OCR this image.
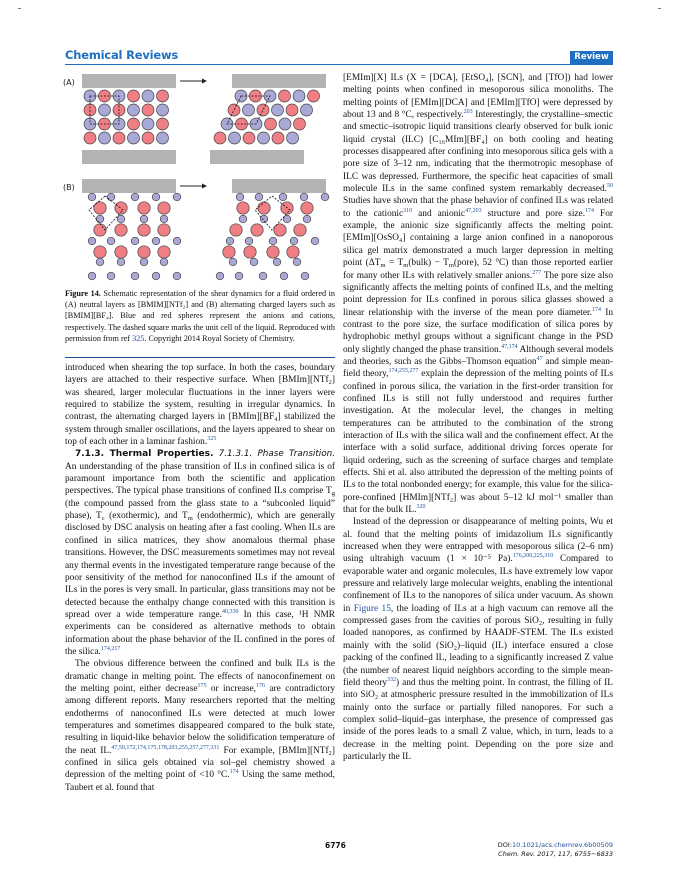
Chemical Reviews	Review
(A)
(B)
Figure 14. Schematic representation of the shear dynamics for a fluid ordered in (A) neutral layers as [BMIM][NTf₂] and (B) alternating charged layers such as [BMIM][BF₄]. Blue and red spheres represent the anions and cations, respectively. The dashed square marks the unit cell of the liquid. Reproduced with permission from ref 325. Copyright 2014 Royal Society of Chemistry.

introduced when shearing the top surface. In both the cases, boundary layers are attached to their respective surface. When [BMIm][NTf₂] was sheared, larger molecular fluctuations in the inner layers were required to stabilize the system, resulting in irregular dynamics. In contrast, the alternating charged layers in [BMIm][BF₄] stabilized the system through smaller oscillations, and the layers appeared to shear on top of each other in a laminar fashion.$^{325}$

7.1.3. Thermal Properties. 7.1.3.1. Phase Transition. An understanding of the phase transition of ILs in confined silica is of paramount importance from both the scientific and application perspectives. The typical phase transitions of confined ILs comprise $T_g$ (the compound passed from the glass state to a “subcooled liquid” phase), $T_c$ (exothermic), and $T_m$ (endothermic), which are generally disclosed by DSC analysis on heating after a fast cooling. When ILs are confined in silica matrices, they show anomalous thermal phase transitions. However, the DSC measurements sometimes may not reveal any thermal events in the investigated temperature range because of the poor sensitivity of the method for nanoconfined ILs if the amount of ILs in the pores is very small. In particular, glass transitions may not be detected because the enthalpy change connected with this transition is spread over a wide temperature range.$^{40,330}$ In this case, ¹H NMR experiments can be considered as alternative methods to obtain information about the phase behavior of the IL confined in the pores of the silica.$^{174,217}$

The obvious difference between the confined and bulk ILs is the dramatic change in melting point. The effects of nanoconfinement on the melting point, either decrease$^{175}$ or increase,$^{176}$ are contradictory among different reports. Many researchers reported that the melting endotherms of nanoconfined ILs were detected at much lower temperatures and sometimes disappeared compared to the bulk state, resulting in liquid-like behavior below the solidification temperature of the neat IL.$^{47,50,172,174,175,178,203,255,257,277,331}$ For example, [BMIm][NTf₂] confined in silica gels obtained via sol–gel chemistry showed a depression of the melting point of <10 °C.$^{174}$ Using the same method, Taubert et al. found that

[EMIm][X] ILs (X = [DCA], [EtSO₄], [SCN], and [TfO]) had lower melting points when confined in mesoporous silica monoliths. The melting points of [EMIm][DCA] and [EMIm][TfO] were depressed by about 13 and 8 °C, respectively.$^{203}$ Interestingly, the crystalline–smectic and smectic–isotropic liquid transitions clearly observed for bulk ionic liquid crystal (ILC) [C₁₆MIm][BF₄] on both cooling and heating processes disappeared after confining into mesoporous silica gels with a pore size of 3–12 nm, indicating that the thermotropic mesophase of ILC was depressed. Furthermore, the specific heat capacities of small molecule ILs in the same confined system remarkably decreased.$^{50}$ Studies have shown that the phase behavior of confined ILs was related to the cationic$^{310}$ and anionic$^{47,203}$ structure and pore size.$^{174}$ For example, the anionic size significantly affects the melting point. [EMIm][OsSO₄] containing a large anion confined in a nanoporous silica gel matrix demonstrated a much larger depression in melting point ($\Delta T_m$ = $T_m(bulk)$ − $T_m(pore)$, 52 °C) than those reported earlier for many other ILs with relatively smaller anions.$^{277}$ The pore size also significantly affects the melting points of confined ILs, and the melting point depression for ILs confined in porous silica glasses showed a linear relationship with the inverse of the mean pore diameter.$^{174}$ In contrast to the pore size, the surface modification of silica pores by hydrophobic methyl groups without a significant change in the PSD only slightly changed the phase transition.$^{47,174}$ Although several models and theories, such as the Gibbs–Thomson equation$^{47}$ and simple mean-field theory,$^{174,255,277}$ explain the depression of the melting points of ILs confined in porous silica, the variation in the first-order transition for confined ILs is still not fully understood and requires further investigation. At the molecular level, the changes in melting temperatures can be attributed to the combination of the strong interaction of ILs with the silica wall and the confinement effect. At the interface with a solid surface, additional driving forces operate for liquid ordering, such as the screening of surface charges and template effects. Shi et al. also attributed the depression of the melting points of ILs to the total nonbonded energy; for example, this value for the silica-pore-confined [HMIm][NTf₂] was about 5–12 kJ mol⁻¹ smaller than that for the bulk IL.$^{320}$

Instead of the depression or disappearance of melting points, Wu et al. found that the melting points of imidazolium ILs significantly increased when they were entrapped with mesoporous silica (2–6 nm) using ultrahigh vacuum (1 × 10⁻⁵ Pa).$^{176,200,225,310}$ Compared to evaporable water and organic molecules, ILs have extremely low vapor pressure and relatively large molecular weights, enabling the intentional confinement of ILs to the nanopores of silica under vacuum. As shown in Figure 15, the loading of ILs at a high vacuum can remove all the compressed gases from the cavities of porous SiO₂, resulting in fully loaded nanopores, as confirmed by HAADF-STEM. The ILs existed mainly with the solid (SiO₂)–liquid (IL) interface ensured a close packing of the confined IL, leading to a significantly increased Z value (the number of nearest liquid neighbors according to the simple mean-field theory$^{332}$) and thus the melting point. In contrast, the filling of IL into SiO₂ at atmospheric pressure resulted in the immobilization of ILs mainly onto the surface or partially filled nanopores. For such a complex solid–liquid–gas interphase, the presence of compressed gas inside of the pores leads to a small Z value, which, in turn, leads to a decrease in the melting point. Depending on the pore size and particularly the IL

6776	DOI:10.1021/acs.chemrev.6b00509
Chem. Rev. 2017, 117, 6755−6833
